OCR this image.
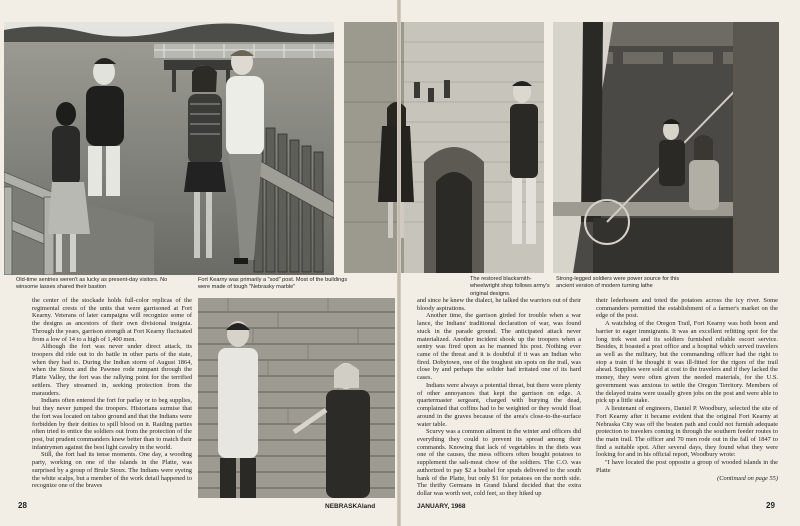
Old-time sentries weren't as lucky as present-day visitors. No winsome lasses shared their bastion
Fort Kearny was primarily a "sod" post. Most of the buildings were made of tough "Nebrasky marble"
The restored blacksmith-wheelwright shop follows army's original designs.
Strong-legged soldiers were power source for this ancient version of modern turning lathe

the center of the stockade holds full-color replicas of the regimental crests of the units that were garrisoned at Fort Kearny. Veterans of later campaigns will recognize some of the designs as ancestors of their own divisional insignia. Through the years, garrison strength at Fort Kearny fluctuated from a low of 14 to a high of 1,400 men.

Although the fort was never under direct attack, its troopers did ride out to do battle in other parts of the state, when they had to. During the Indian storm of August 1864, when the Sioux and the Pawnee rode rampant through the Platte Valley, the fort was the rallying point for the terrified settlers. They streamed in, seeking protection from the marauders.

Indians often entered the fort for parlay or to beg supplies, but they never jumped the troopers. Historians surmise that the fort was located on taboo ground and that the Indians were forbidden by their deities to spill blood on it. Raiding parties often tried to entice the soldiers out from the protection of the post, but prudent commanders knew better than to match their infantrymen against the best light cavalry in the world.

Still, the fort had its tense moments. One day, a wooding party, working on one of the islands in the Platte, was surprised by a group of Brule Sioux. The Indians were eyeing the white scalps, but a member of the work detail happened to recognize one of the braves

and since he knew the dialect, he talked the warriors out of their bloody aspirations.

Another time, the garrison girded for trouble when a war lance, the Indians' traditional declaration of war, was found stuck in the parade ground. The anticipated attack never materialized. Another incident shook up the troopers when a sentry was fired upon as he manned his post. Nothing ever came of the threat and it is doubtful if it was an Indian who fired. Dobytown, one of the toughest sin spots on the trail, was close by and perhaps the solider had irritated one of its hard cases.

Indians were always a potential threat, but there were plenty of other annoyances that kept the garrison on edge. A quartermaster sergeant, charged with burying the dead, complained that coffins had to be weighted or they would float around in the graves because of the area's close-to-the-surface water table.

Scurvy was a common ailment in the winter and officers did everything they could to prevent its spread among their commands. Knowing that lack of vegetables in the diets was one of the causes, the mess officers often bought potatoes to supplement the salt-meat chow of the soldiers. The C.O. was authorized to pay $2 a bushel for spuds delivered to the south bank of the Platte, but only $1 for potatoes on the north side. The thrifty Germans in Grand Island decided that the extra dollar was worth wet, cold feet, so they hiked up

their lederhosen and toted the potatoes across the icy river. Some commanders permitted the establishment of a farmer's market on the edge of the post.

A watchdog of the Oregon Trail, Fort Kearny was both boon and barrier to eager immigrants. It was an excellent refitting spot for the long trek west and its soldiers furnished reliable escort service. Besides, it boasted a post office and a hospital which served travelers as well as the military, but the commanding officer had the right to stop a train if he thought it was ill-fitted for the rigors of the trail ahead. Supplies were sold at cost to the travelers and if they lacked the money, they were often given the needed materials, for the U.S. government was anxious to settle the Oregon Territory. Members of the delayed trains were usually given jobs on the post and were able to pick up a little stake.

A lieutenant of engineers, Daniel P. Woodbury, selected the site of Fort Kearny after it became evident that the original Fort Kearny at Nebraska City was off the beaten path and could not furnish adequate protection to travelers coming in through the southern feeder routes to the main trail. The officer and 70 men rode out in the fall of 1847 to find a suitable spot. After several days, they found what they were looking for and in his official report, Woodbury wrote:

"I have located the post opposite a group of wooded islands in the Platte

(Continued on page 55)

28	NEBRASKAland	JANUARY, 1968	29
